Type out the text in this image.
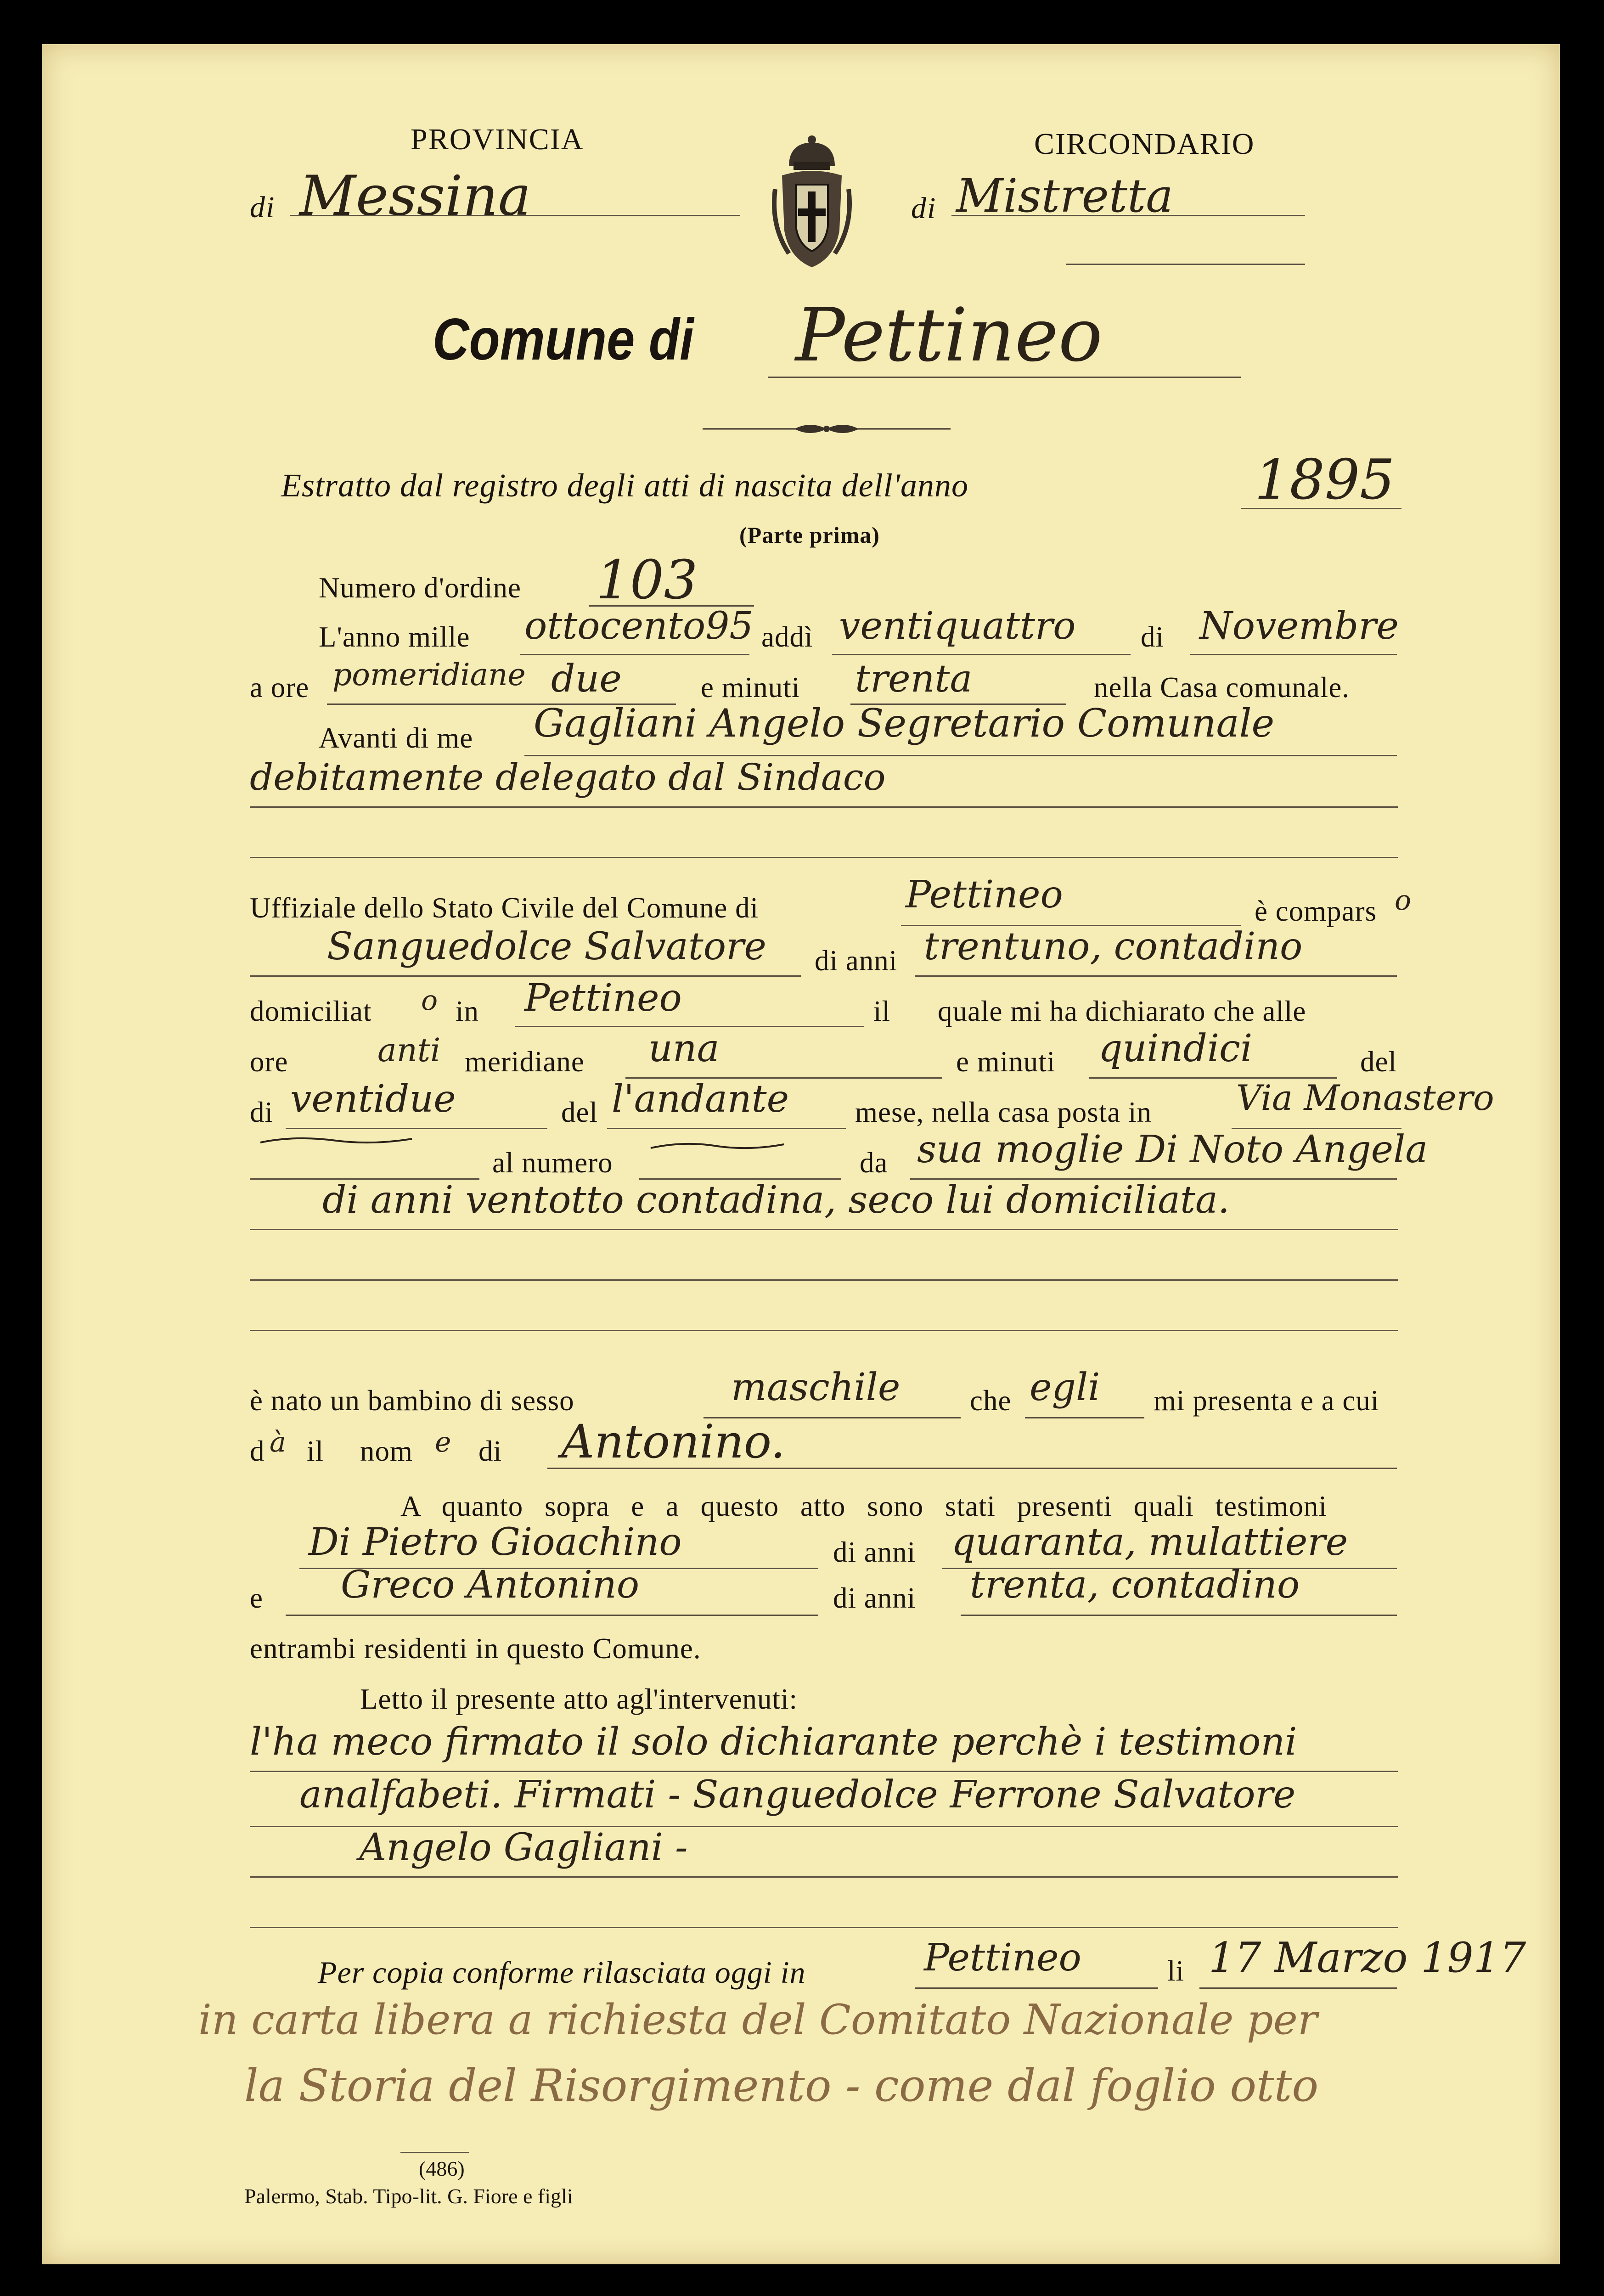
PROVINCIA	CIRCONDARIO
di Messina	di Mistretta
Comune di Pettineo
Estratto dal registro degli atti di nascita dell'anno	1895
(Parte prima)
Numero d'ordine 103
L'anno mille ottocento95 addì ventiquattro di Novembre
a ore pomeridiane due	e minuti trenta	nella Casa comunale.
Avanti di me Gagliani Angelo Segretario Comunale
debitamente delegato dal Sindaco
Uffiziale dello Stato Civile del Comune di	Pettineo	è compars o
Sanguedolce Salvatore di anni trentuno, contadino
domiciliat o in Pettineo	il quale mi ha dichiarato che alle
ore	anti meridiane una	e minuti quindici	del
di ventidue	del l'andante mese, nella casa posta in Via Monastero
al numero	da sua moglie Di Noto Angela
di anni ventotto contadina, seco lui domiciliata.
è nato un bambino di sesso	maschile che egli mi presenta e a cui
d à il nom e di Antonino.
A quanto sopra e a questo atto sono stati presenti quali testimoni
Di Pietro Gioachino	di anni quaranta, mulattiere
e Greco Antonino	di anni trenta, contadino
entrambi residenti in questo Comune.
Letto il presente atto agl'intervenuti:
l'ha meco firmato il solo dichiarante perchè i testimoni
analfabeti. Firmati - Sanguedolce Ferrone Salvatore
Angelo Gagliani -
Per copia conforme rilasciata oggi in	Pettineo	li 17 Marzo 1917
in carta libera a richiesta del Comitato Nazionale per
la Storia del Risorgimento - come dal foglio otto
(486)
Palermo, Stab. Tipo-lit. G. Fiore e figli
